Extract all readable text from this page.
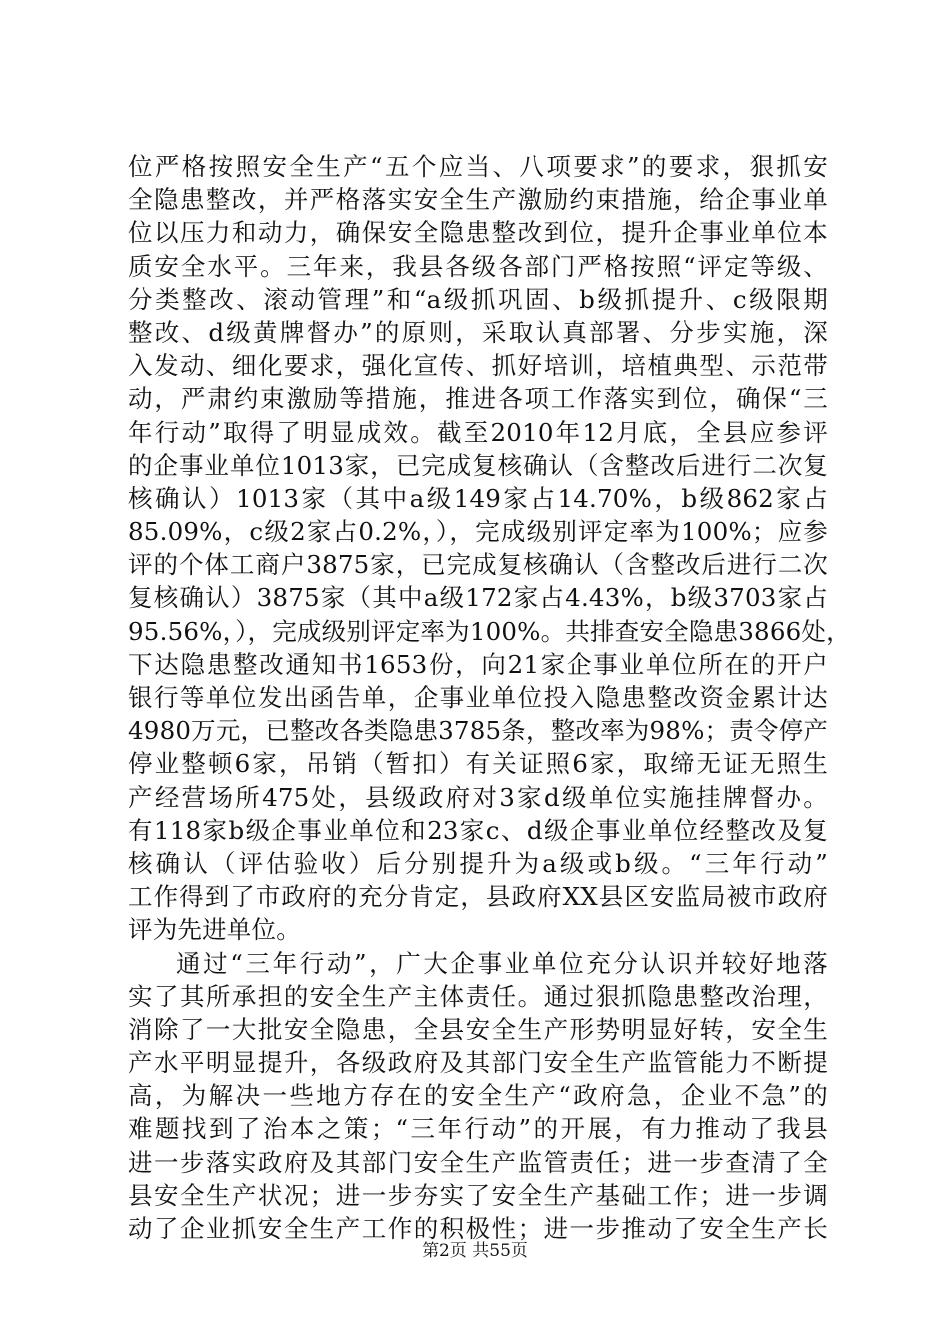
位严格按照安全生产“五个应当、八项要求”的要求，狠抓安
全隐患整改，并严格落实安全生产激励约束措施，给企事业单
位以压力和动力，确保安全隐患整改到位，提升企事业单位本
质安全水平。三年来，我县各级各部门严格按照“评定等级、
分类整改、滚动管理”和“a级抓巩固、b级抓提升、c级限期
整改、d级黄牌督办”的原则，采取认真部署、分步实施，深
入发动、细化要求，强化宣传、抓好培训，培植典型、示范带
动，严肃约束激励等措施，推进各项工作落实到位，确保“三
年行动”取得了明显成效。截至2010年12月底，全县应参评
的企事业单位1013家，已完成复核确认（含整改后进行二次复
核确认）1013家（其中a级149家占14.70%，b级862家占
85.09%，c级2家占0.2%，），完成级别评定率为100%；应参
评的个体工商户3875家，已完成复核确认（含整改后进行二次
复核确认）3875家（其中a级172家占4.43%，b级3703家占
95.56%，），完成级别评定率为100%。共排查安全隐患3866处，
下达隐患整改通知书1653份，向21家企事业单位所在的开户
银行等单位发出函告单，企事业单位投入隐患整改资金累计达
4980万元，已整改各类隐患3785条，整改率为98%；责令停产
停业整顿6家，吊销（暂扣）有关证照6家，取缔无证无照生
产经营场所475处，县级政府对3家d级单位实施挂牌督办。
有118家b级企事业单位和23家c、d级企事业单位经整改及复
核确认（评估验收）后分别提升为a级或b级。“三年行动”
工作得到了市政府的充分肯定，县政府XX县区安监局被市政府
评为先进单位。
通过“三年行动”，广大企事业单位充分认识并较好地落
实了其所承担的安全生产主体责任。通过狠抓隐患整改治理，
消除了一大批安全隐患，全县安全生产形势明显好转，安全生
产水平明显提升，各级政府及其部门安全生产监管能力不断提
高，为解决一些地方存在的安全生产“政府急，企业不急”的
难题找到了治本之策；“三年行动”的开展，有力推动了我县
进一步落实政府及其部门安全生产监管责任；进一步查清了全
县安全生产状况；进一步夯实了安全生产基础工作；进一步调
动了企业抓安全生产工作的积极性；进一步推动了安全生产长
第2页 共55页
